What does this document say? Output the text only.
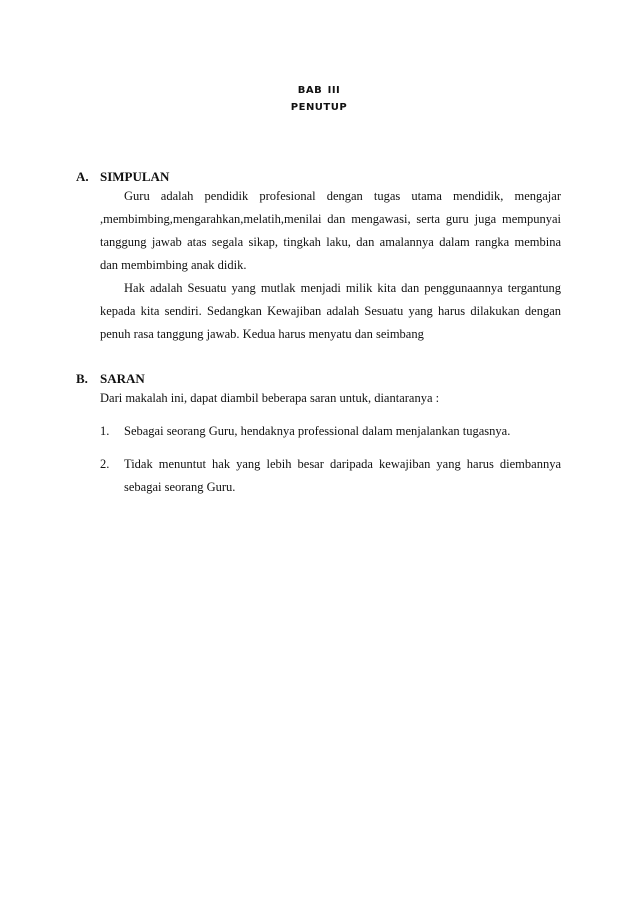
bab iii
penutup
A. SIMPULAN

Guru adalah pendidik profesional dengan tugas utama mendidik, mengajar

,membimbing,mengarahkan,melatih,menilai dan mengawasi, serta guru juga mempunyai

tanggung jawab atas segala sikap, tingkah laku, dan amalannya dalam rangka membina

dan membimbing anak didik.

Hak adalah Sesuatu yang mutlak menjadi milik kita dan penggunaannya tergantung

kepada kita sendiri. Sedangkan Kewajiban adalah Sesuatu yang harus dilakukan dengan

penuh rasa tanggung jawab. Kedua harus menyatu dan seimbang

B. SARAN

Dari makalah ini, dapat diambil beberapa saran untuk, diantaranya :

1. Sebagai seorang Guru, hendaknya professional dalam menjalankan tugasnya.
2. Tidak menuntut hak yang lebih besar daripada kewajiban yang harus diembannya
sebagai seorang Guru.
